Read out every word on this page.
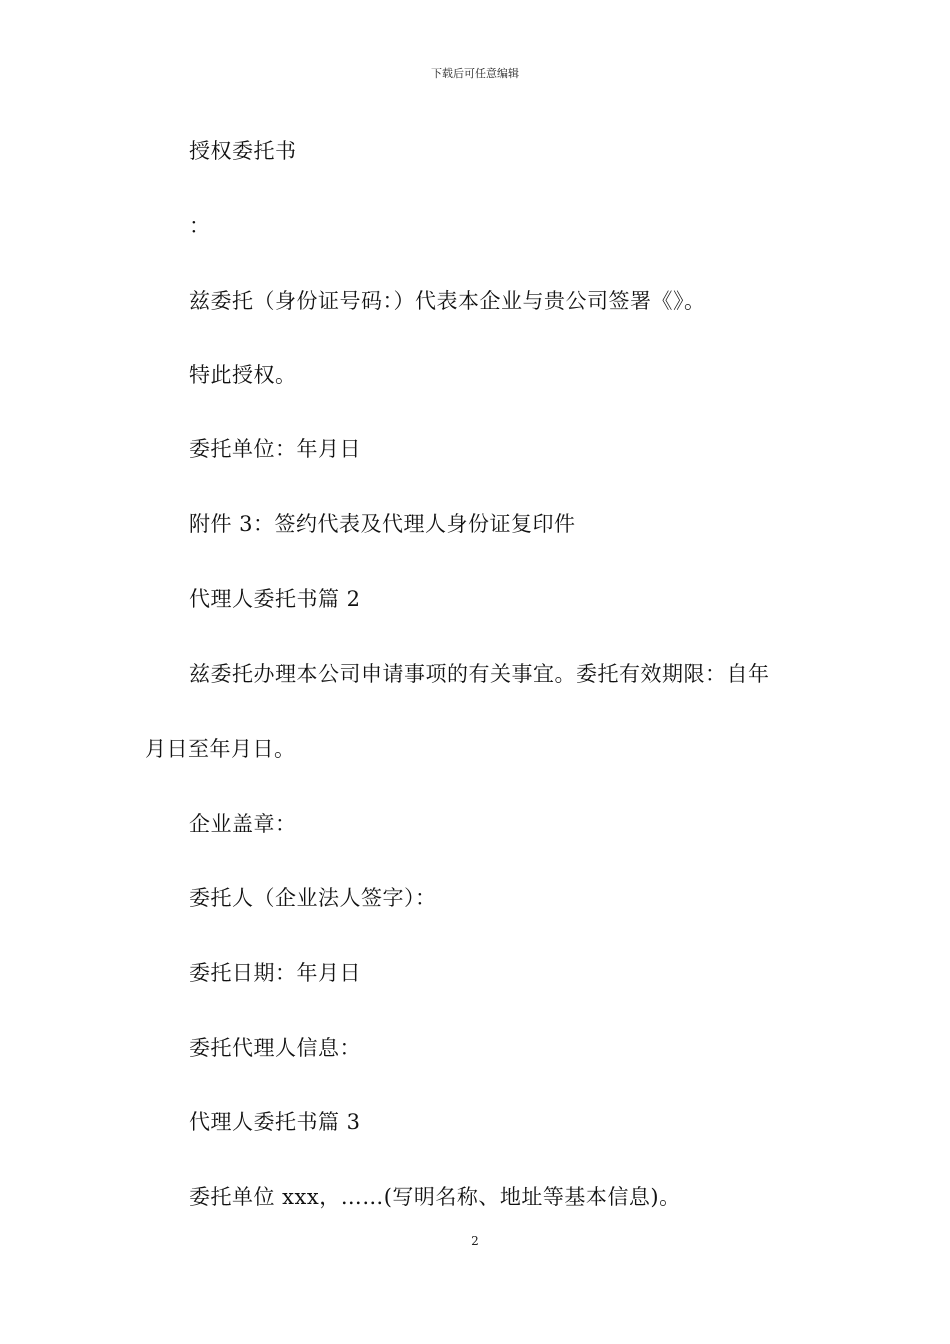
下载后可任意编辑
授权委托书
：
兹委托（身份证号码：）代表本企业与贵公司签署《》。
特此授权。
委托单位：年月日
附件 3：签约代表及代理人身份证复印件
代理人委托书篇 2
兹委托办理本公司申请事项的有关事宜。委托有效期限：自年
月日至年月日。
企业盖章：
委托人（企业法人签字）：
委托日期：年月日
委托代理人信息：
代理人委托书篇 3
委托单位 xxx，……(写明名称、地址等基本信息)。
2
